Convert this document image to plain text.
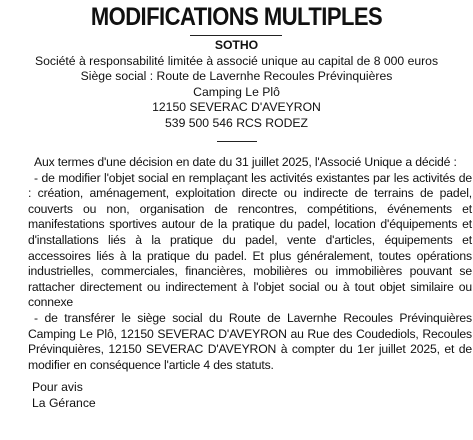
MODIFICATIONS MULTIPLES
SOTHO
Société à responsabilité limitée à associé unique au capital de 8 000 euros
Siège social : Route de Lavernhe Recoules Prévinquières
Camping Le Plô
12150 SEVERAC D'AVEYRON
539 500 546 RCS RODEZ

Aux termes d'une décision en date du 31 juillet 2025, l'Associé Unique a décidé :

- de modifier l'objet social en remplaçant les activités existantes par les activités de : création, aménagement, exploitation directe ou indirecte de terrains de padel, couverts ou non, organisation de rencontres, compétitions, événements et manifestations sportives autour de la pratique du padel, location d'équipements et d'installations liés à la pratique du padel, vente d'articles, équipements et accessoires liés à la pratique du padel. Et plus généralement, toutes opérations industrielles, commerciales, financières, mobilières ou immobilières pouvant se rattacher directement ou indirectement à l'objet social ou à tout objet similaire ou connexe

- de transférer le siège social du Route de Lavernhe Recoules Prévinquières Camping Le Plô, 12150 SEVERAC D'AVEYRON au Rue des Coudediols, Recoules Prévinquières, 12150 SEVERAC D'AVEYRON à compter du 1er juillet 2025, et de modifier en conséquence l'article 4 des statuts.

Pour avis
La Gérance
